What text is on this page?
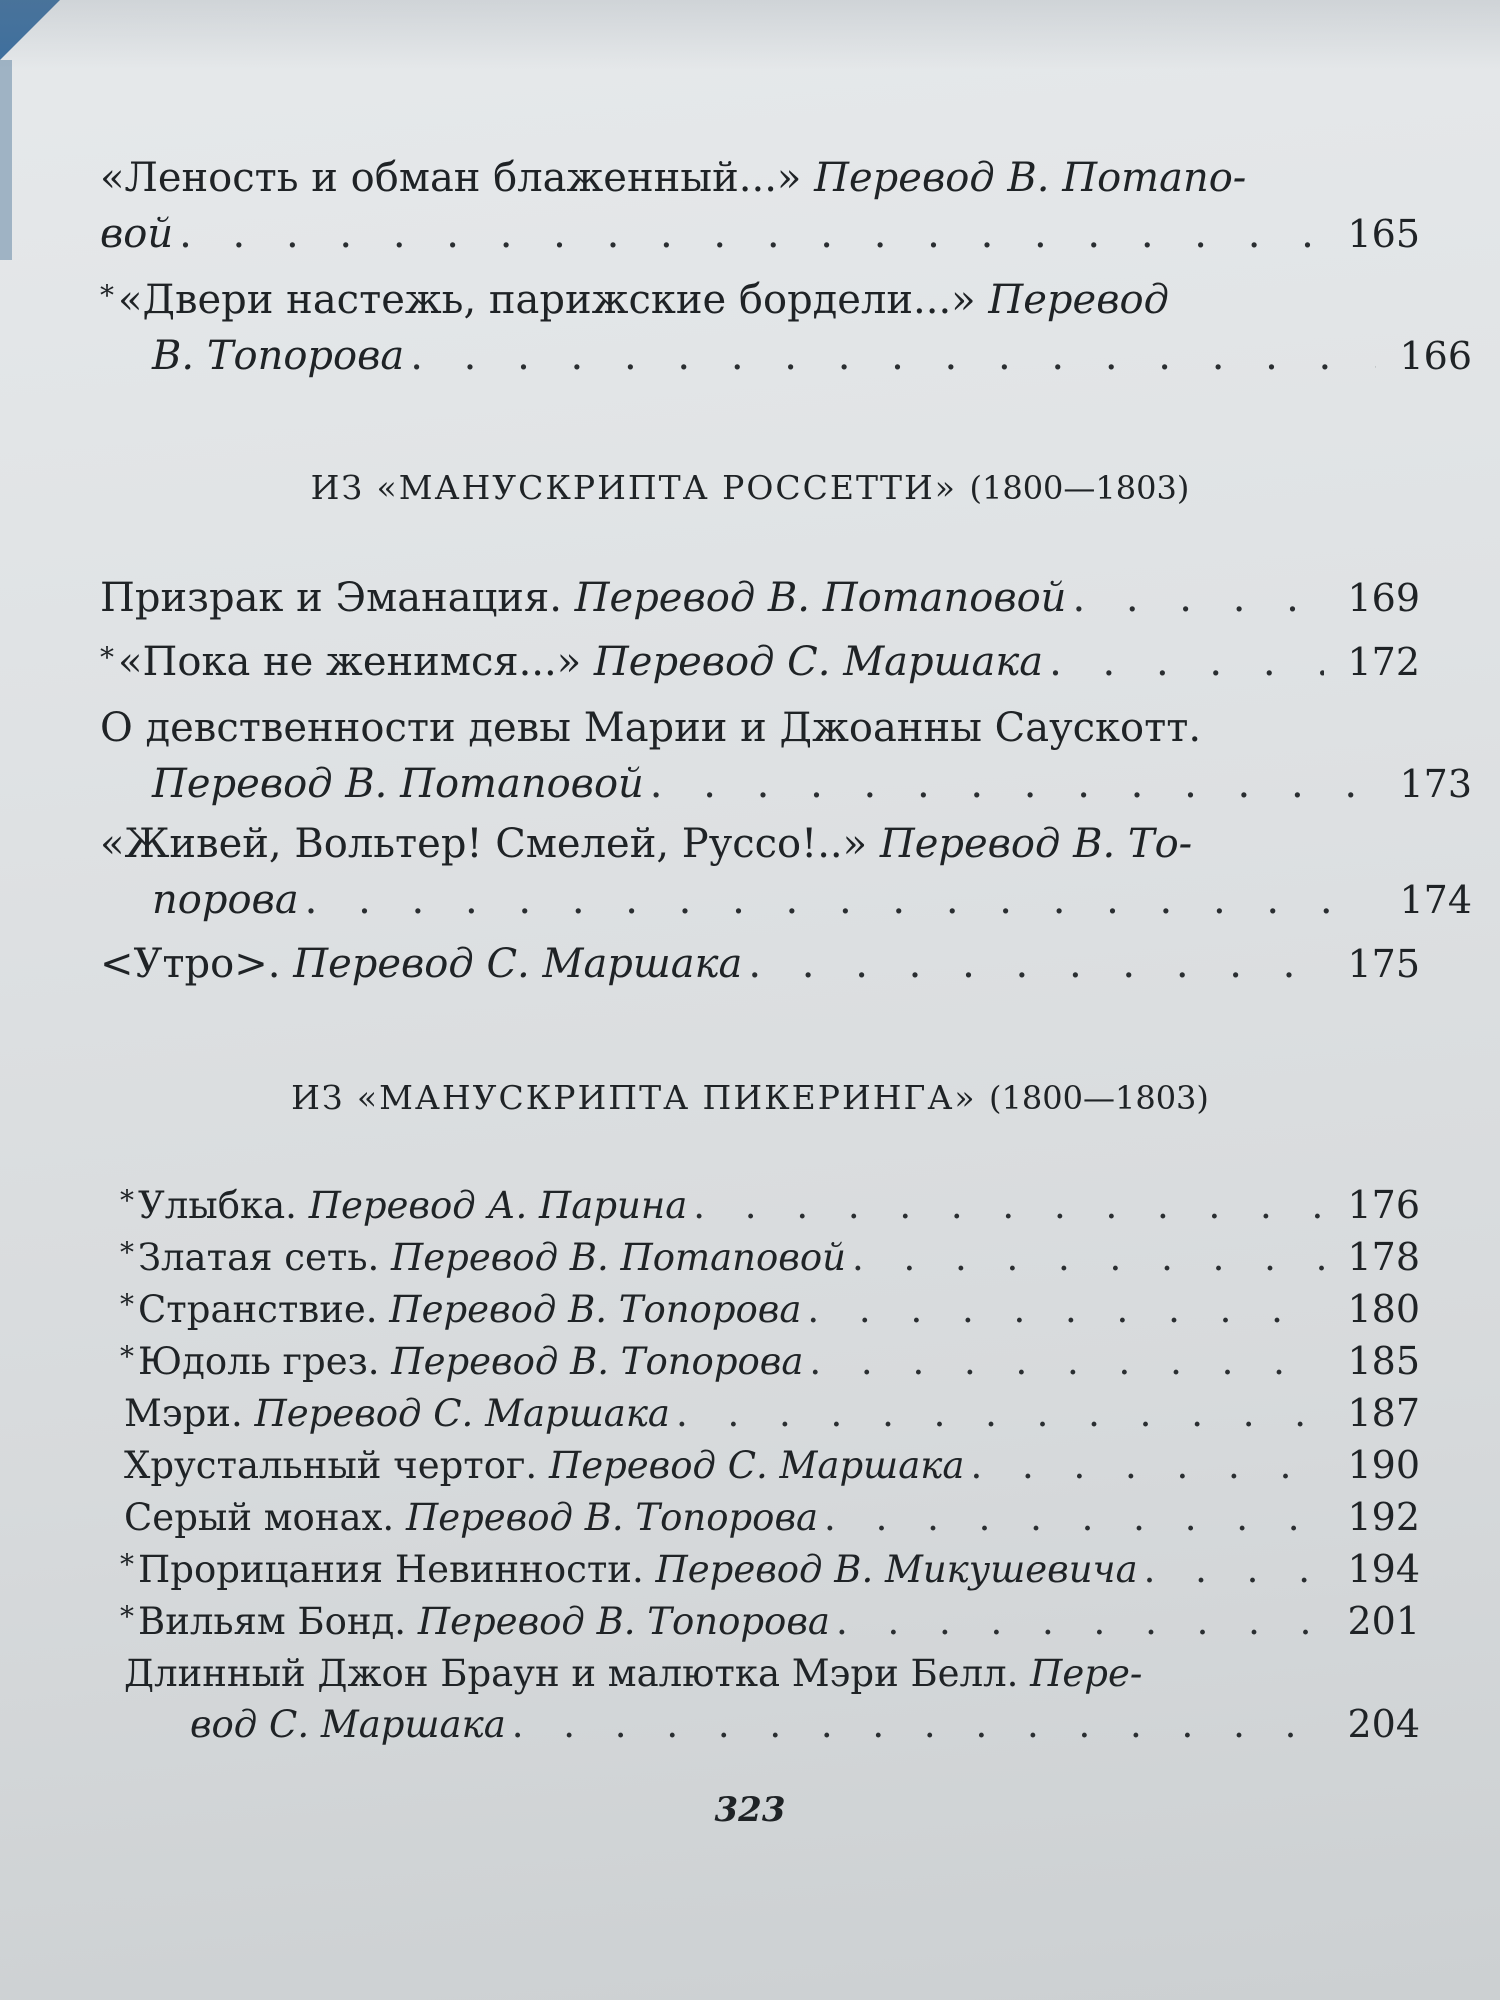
«Леность и обман блаженный...» Перевод В. Потапо-
вой . . .	165
* «Двери настежь, парижские бордели...» Перевод
В. Топорова . . .	166
ИЗ «МАНУСКРИПТА РОССЕТТИ» (1800—1803)
Призрак и Эманация. Перевод В. Потаповой . . .	169
* «Пока не женимся...» Перевод С. Маршака . . .	172
О девственности девы Марии и Джоанны Саускотт.
Перевод В. Потаповой . . .	173
«Живей, Вольтер! Смелей, Руссо!..» Перевод В. То-
порова . . .	174
<Утро>. Перевод С. Маршака . . .	175
ИЗ «МАНУСКРИПТА ПИКЕРИНГА» (1800—1803)
* Улыбка. Перевод А. Парина . . .	176
* Златая сеть. Перевод В. Потаповой . . .	178
* Странствие. Перевод В. Топорова . . .	180
* Юдоль грез. Перевод В. Топорова . . .	185
Мэри. Перевод С. Маршака . . .	187
Хрустальный чертог. Перевод С. Маршака . . .	190
Серый монах. Перевод В. Топорова . . .	192
* Прорицания Невинности. Перевод В. Микушевича . . .	194
* Вильям Бонд. Перевод В. Топорова . . .	201
Длинный Джон Браун и малютка Мэри Белл. Пере-
вод С. Маршака . . .	204
323
